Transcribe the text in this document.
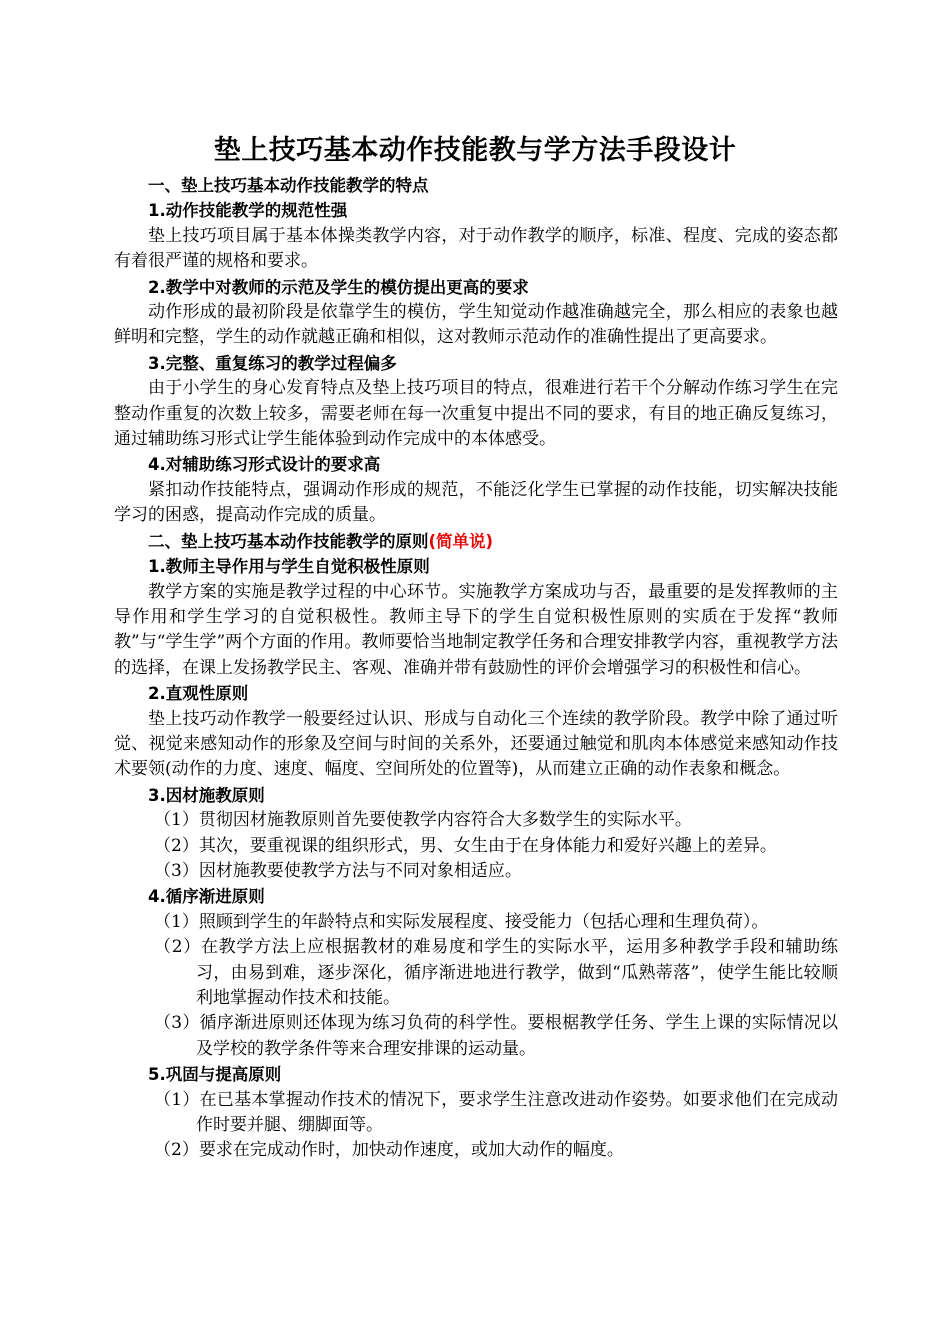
垫上技巧基本动作技能教与学方法手段设计

一、垫上技巧基本动作技能教学的特点

1.动作技能教学的规范性强

垫上技巧项目属于基本体操类教学内容，对于动作教学的顺序，标准、程度、完成的姿态都有着很严谨的规格和要求。

2.教学中对教师的示范及学生的模仿提出更高的要求

动作形成的最初阶段是依靠学生的模仿，学生知觉动作越准确越完全，那么相应的表象也越鲜明和完整，学生的动作就越正确和相似，这对教师示范动作的准确性提出了更高要求。

3.完整、重复练习的教学过程偏多

由于小学生的身心发育特点及垫上技巧项目的特点，很难进行若干个分解动作练习学生在完整动作重复的次数上较多，需要老师在每一次重复中提出不同的要求，有目的地正确反复练习，通过辅助练习形式让学生能体验到动作完成中的本体感受。

4.对辅助练习形式设计的要求高

紧扣动作技能特点，强调动作形成的规范，不能泛化学生已掌握的动作技能，切实解决技能学习的困惑，提高动作完成的质量。

二、垫上技巧基本动作技能教学的原则(简单说)

1.教师主导作用与学生自觉积极性原则

教学方案的实施是教学过程的中心环节。实施教学方案成功与否，最重要的是发挥教师的主导作用和学生学习的自觉积极性。教师主导下的学生自觉积极性原则的实质在于发挥“教师教”与“学生学”两个方面的作用。教师要恰当地制定教学任务和合理安排教学内容，重视教学方法的选择，在课上发扬教学民主、客观、准确并带有鼓励性的评价会增强学习的积极性和信心。

2.直观性原则

垫上技巧动作教学一般要经过认识、形成与自动化三个连续的教学阶段。教学中除了通过听觉、视觉来感知动作的形象及空间与时间的关系外，还要通过触觉和肌肉本体感觉来感知动作技术要领(动作的力度、速度、幅度、空间所处的位置等)，从而建立正确的动作表象和概念。

3.因材施教原则

（1）贯彻因材施教原则首先要使教学内容符合大多数学生的实际水平。

（2）其次，要重视课的组织形式，男、女生由于在身体能力和爱好兴趣上的差异。

（3）因材施教要使教学方法与不同对象相适应。

4.循序渐进原则

（1）照顾到学生的年龄特点和实际发展程度、接受能力（包括心理和生理负荷）。

（2）在教学方法上应根据教材的难易度和学生的实际水平，运用多种教学手段和辅助练习，由易到难，逐步深化，循序渐进地进行教学，做到“瓜熟蒂落”，使学生能比较顺利地掌握动作技术和技能。

（3）循序渐进原则还体现为练习负荷的科学性。要根椐教学任务、学生上课的实际情况以及学校的教学条件等来合理安排课的运动量。

5.巩固与提高原则

（1）在已基本掌握动作技术的情况下，要求学生注意改进动作姿势。如要求他们在完成动作时要并腿、绷脚面等。

（2）要求在完成动作时，加快动作速度，或加大动作的幅度。
